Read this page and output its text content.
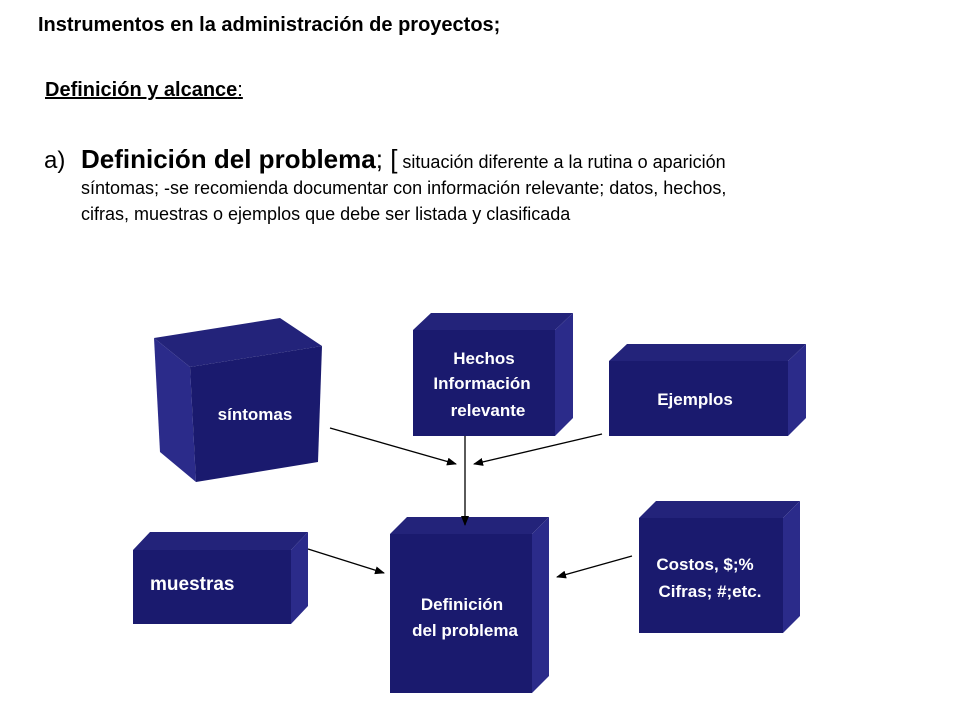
Instrumentos en la administración de proyectos;
Definición y alcance:
a) Definición del problema; [ situación diferente a la rutina o aparición
síntomas; -se recomienda documentar con información relevante; datos, hechos,
cifras, muestras o ejemplos que debe ser listada y clasificada
síntomas
Hechos
Información
relevante
Ejemplos
muestras
Definición
del problema
Costos, $;%
Cifras; #;etc.
